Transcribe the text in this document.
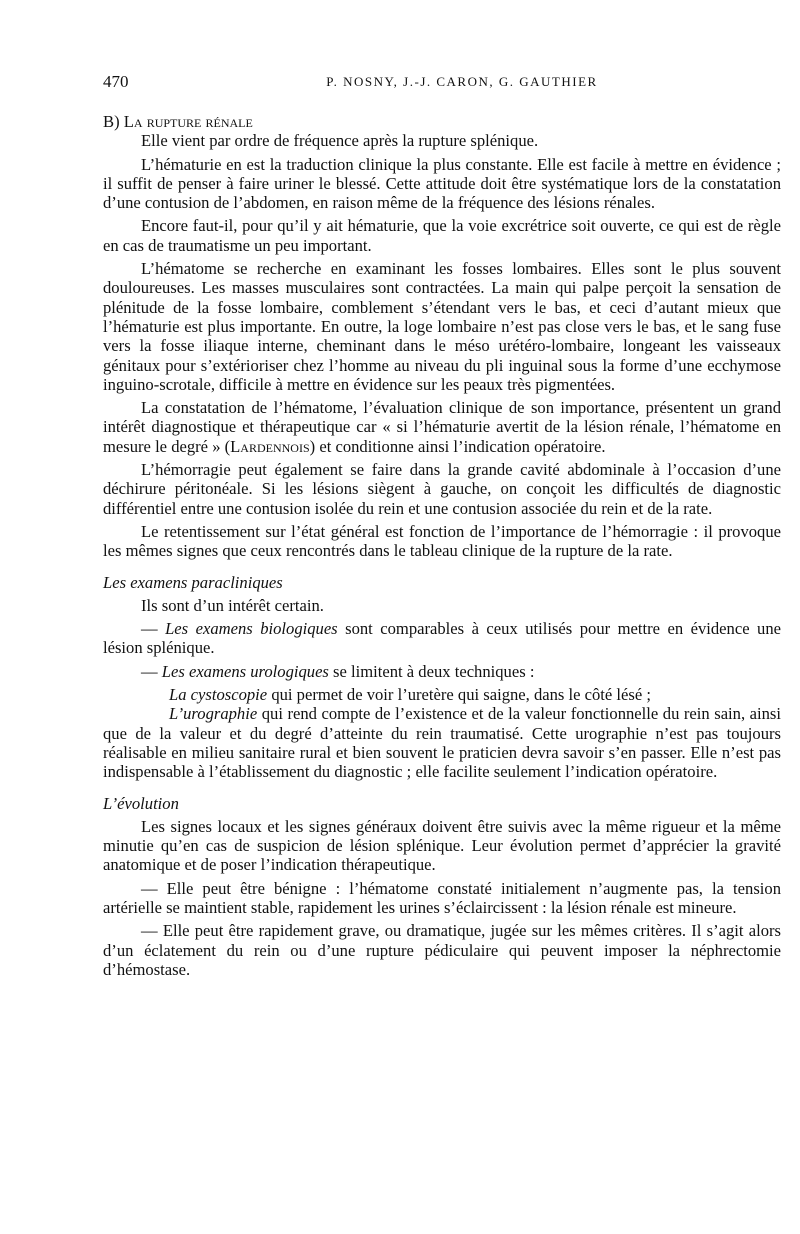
470	P. NOSNY, J.-J. CARON, G. GAUTHIER

B) La rupture rénale

Elle vient par ordre de fréquence après la rupture splénique.

L’hématurie en est la traduction clinique la plus constante. Elle est facile à mettre en évidence ; il suffit de penser à faire uriner le blessé. Cette attitude doit être systématique lors de la constatation d’une contusion de l’abdomen, en raison même de la fréquence des lésions rénales.

Encore faut-il, pour qu’il y ait hématurie, que la voie excrétrice soit ouverte, ce qui est de règle en cas de traumatisme un peu important.

L’hématome se recherche en examinant les fosses lombaires. Elles sont le plus souvent douloureuses. Les masses musculaires sont contractées. La main qui palpe perçoit la sensation de plénitude de la fosse lombaire, comblement s’étendant vers le bas, et ceci d’autant mieux que l’hématurie est plus importante. En outre, la loge lombaire n’est pas close vers le bas, et le sang fuse vers la fosse iliaque interne, cheminant dans le méso urétéro-lombaire, longeant les vaisseaux génitaux pour s’extérioriser chez l’homme au niveau du pli inguinal sous la forme d’une ecchymose inguino-scrotale, difficile à mettre en évidence sur les peaux très pigmentées.

La constatation de l’hématome, l’évaluation clinique de son importance, présentent un grand intérêt diagnostique et thérapeutique car « si l’hématurie avertit de la lésion rénale, l’hématome en mesure le degré » (Lardennois) et conditionne ainsi l’indication opératoire.

L’hémorragie peut également se faire dans la grande cavité abdominale à l’occasion d’une déchirure péritonéale. Si les lésions siègent à gauche, on conçoit les difficultés de diagnostic différentiel entre une contusion isolée du rein et une contusion associée du rein et de la rate.

Le retentissement sur l’état général est fonction de l’importance de l’hémorragie : il provoque les mêmes signes que ceux rencontrés dans le tableau clinique de la rupture de la rate.

Les examens paracliniques

Ils sont d’un intérêt certain.

— Les examens biologiques sont comparables à ceux utilisés pour mettre en évidence une lésion splénique.

— Les examens urologiques se limitent à deux techniques :

La cystoscopie qui permet de voir l’uretère qui saigne, dans le côté lésé ;

L’urographie qui rend compte de l’existence et de la valeur fonctionnelle du rein sain, ainsi que de la valeur et du degré d’atteinte du rein traumatisé. Cette urographie n’est pas toujours réalisable en milieu sanitaire rural et bien souvent le praticien devra savoir s’en passer. Elle n’est pas indispensable à l’établissement du diagnostic ; elle facilite seulement l’indication opératoire.

L’évolution

Les signes locaux et les signes généraux doivent être suivis avec la même rigueur et la même minutie qu’en cas de suspicion de lésion splénique. Leur évolution permet d’apprécier la gravité anatomique et de poser l’indication thérapeutique.

— Elle peut être bénigne : l’hématome constaté initialement n’augmente pas, la tension artérielle se maintient stable, rapidement les urines s’éclaircissent : la lésion rénale est mineure.

— Elle peut être rapidement grave, ou dramatique, jugée sur les mêmes critères. Il s’agit alors d’un éclatement du rein ou d’une rupture pédiculaire qui peuvent imposer la néphrectomie d’hémostase.
